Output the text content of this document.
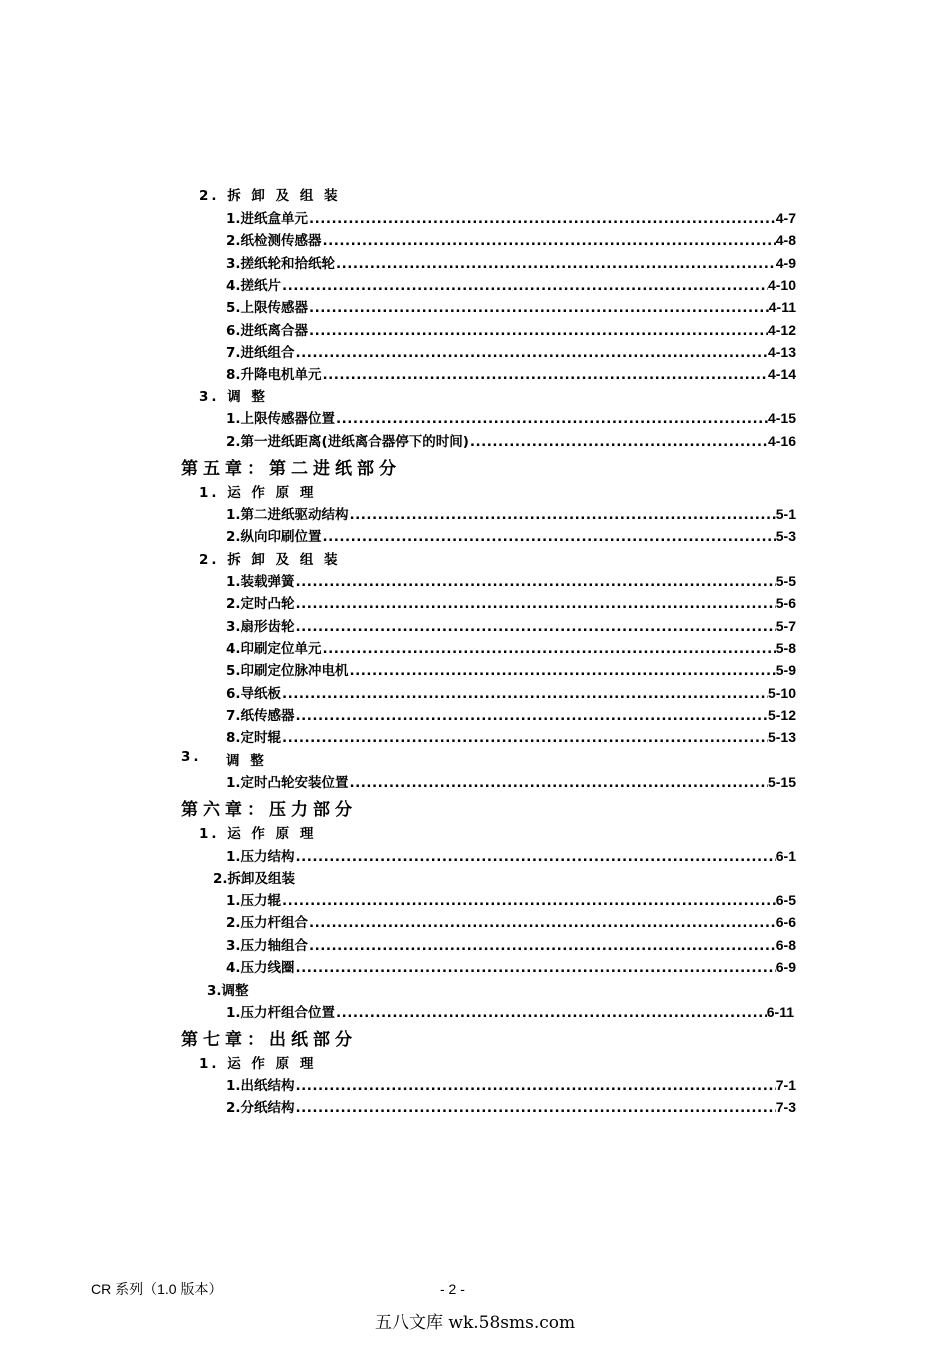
2. 拆 卸 及 组 装
3. 调 整
第五章：第二进纸部分
1. 运 作 原 理
2. 拆 卸 及 组 装
3. 调 整
第六章：压力部分
1. 运 作 原 理
2.拆卸及组装
3.调整
第七章：出纸部分
1. 运 作 原 理
CR 系列（1.0 版本）	- 2 -
五八文库 wk.58sms.com
1.进纸盒单元 .....	4-7
2.纸检测传感器 .....	4-8
3.搓纸轮和拾纸轮 .....	4-9
4.搓纸片 .....	4-10
5.上限传感器 .....	4-11
6.进纸离合器 .....	4-12
7.进纸组合 .....	4-13
8.升降电机单元 .....	4-14
1.上限传感器位置 .....	4-15
2.第一进纸距离(进纸离合器停下的时间) .....	4-16
1.第二进纸驱动结构 .....	5-1
2.纵向印刷位置 .....	5-3
1.装载弹簧 .....	5-5
2.定时凸轮 .....	5-6
3.扇形齿轮 .....	5-7
4.印刷定位单元 .....	5-8
5.印刷定位脉冲电机 .....	5-9
6.导纸板 .....	5-10
7.纸传感器 .....	5-12
8.定时辊 .....	5-13
1.定时凸轮安装位置 .....	5-15
1.压力结构 .....	6-1
1.压力辊 .....	6-5
2.压力杆组合 .....	6-6
3.压力轴组合 .....	6-8
4.压力线圈 .....	6-9
1.压力杆组合位置 .....	6-11
1.出纸结构 .....	7-1
2.分纸结构 .....	7-3
